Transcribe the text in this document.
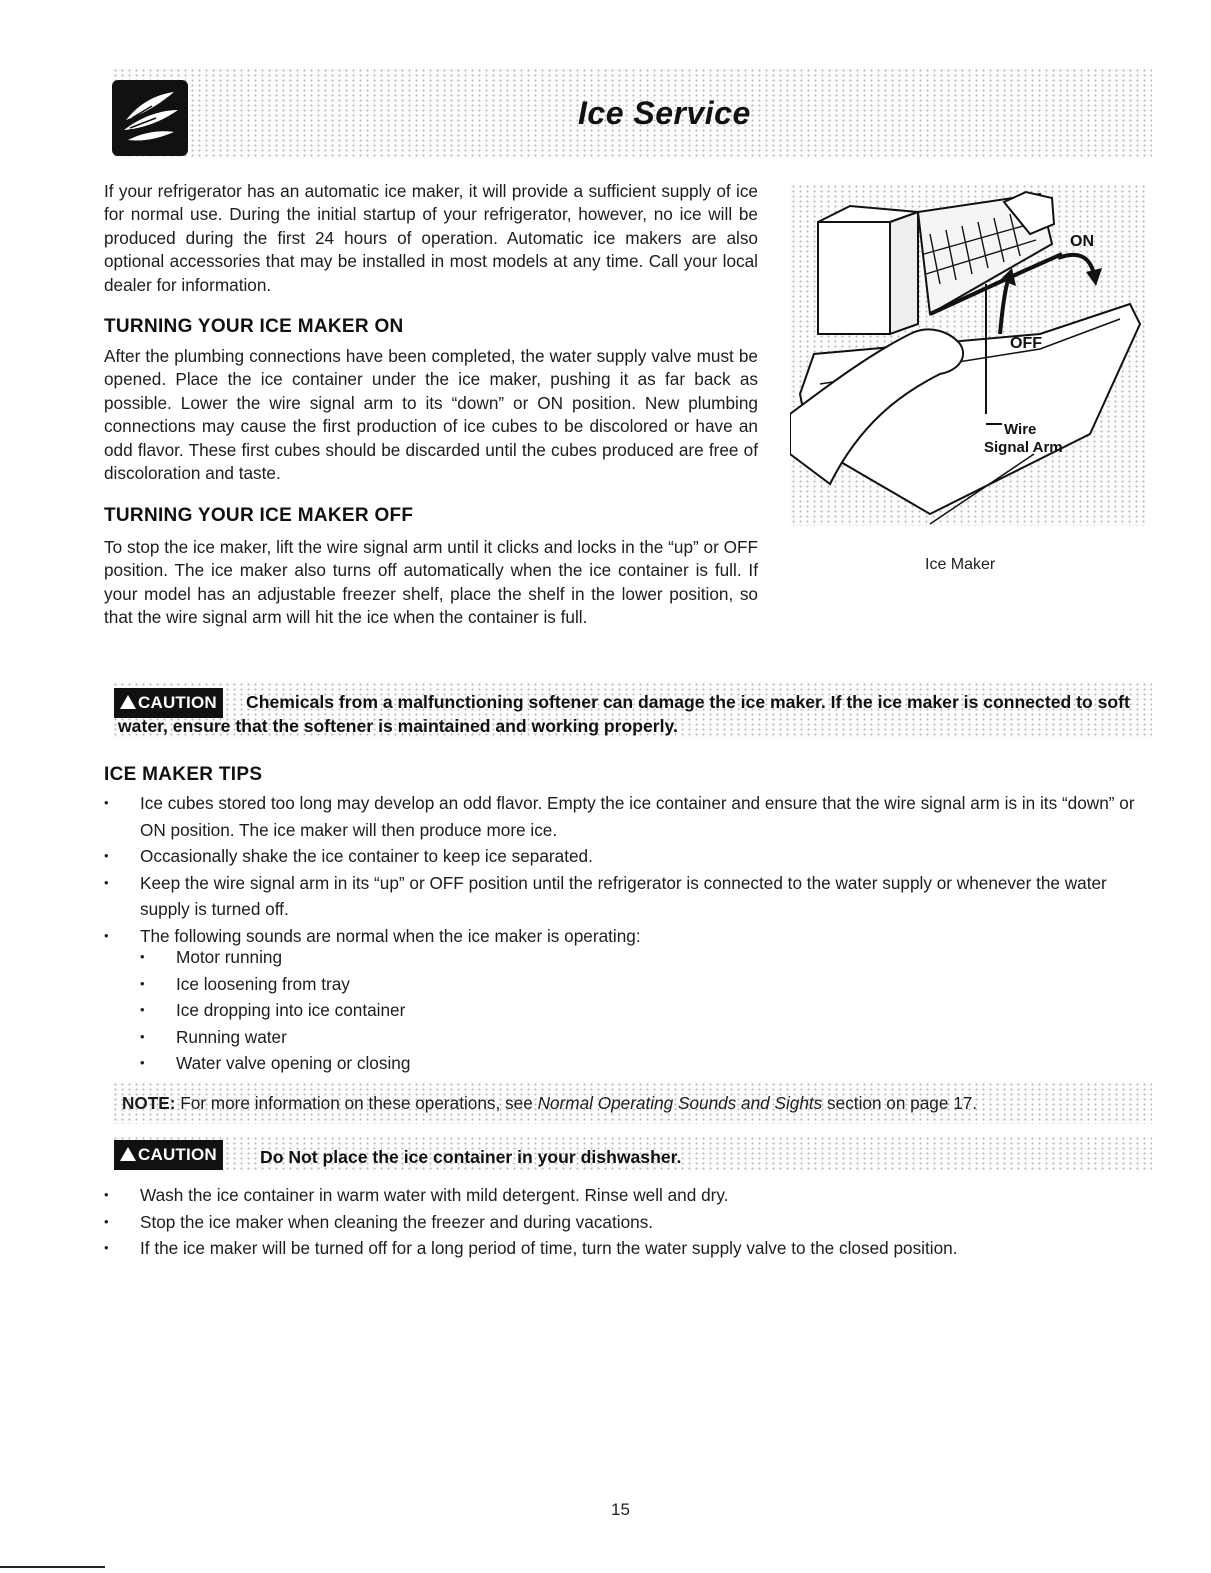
Ice Service

If your refrigerator has an automatic ice maker, it will provide a sufficient supply of ice for normal use. During the initial startup of your refrigerator, however, no ice will be produced during the first 24 hours of operation. Automatic ice makers are also optional accessories that may be installed in most models at any time. Call your local dealer for information.

TURNING YOUR ICE MAKER ON

After the plumbing connections have been completed, the water supply valve must be opened. Place the ice container under the ice maker, pushing it as far back as possible. Lower the wire signal arm to its “down” or ON position. New plumbing connections may cause the first production of ice cubes to be discolored or have an odd flavor. These first cubes should be discarded until the cubes produced are free of discoloration and taste.

TURNING YOUR ICE MAKER OFF

To stop the ice maker, lift the wire signal arm until it clicks and locks in the “up” or OFF position. The ice maker also turns off automatically when the ice container is full. If your model has an adjustable freezer shelf, place the shelf in the lower position, so that the wire signal arm will hit the ice when the container is full.

ON
OFF
Wire
Signal Arm
Ice Maker
CAUTION	Chemicals from a malfunctioning softener can damage the ice maker. If the ice maker is connected to soft water, ensure that the softener is maintained and working properly.

ICE MAKER TIPS
• Ice cubes stored too long may develop an odd flavor. Empty the ice container and ensure that the wire signal arm is in its “down” or ON position. The ice maker will then produce more ice.
• Occasionally shake the ice container to keep ice separated.
• Keep the wire signal arm in its “up” or OFF position until the refrigerator is connected to the water supply or whenever the water supply is turned off.
• The following sounds are normal when the ice maker is operating:
• Motor running
• Ice loosening from tray
• Ice dropping into ice container
• Running water
• Water valve opening or closing

NOTE: For more information on these operations, see Normal Operating Sounds and Sights section on page 17.

CAUTION	Do Not place the ice container in your dishwasher.

• Wash the ice container in warm water with mild detergent. Rinse well and dry.
• Stop the ice maker when cleaning the freezer and during vacations.
• If the ice maker will be turned off for a long period of time, turn the water supply valve to the closed position.
15
